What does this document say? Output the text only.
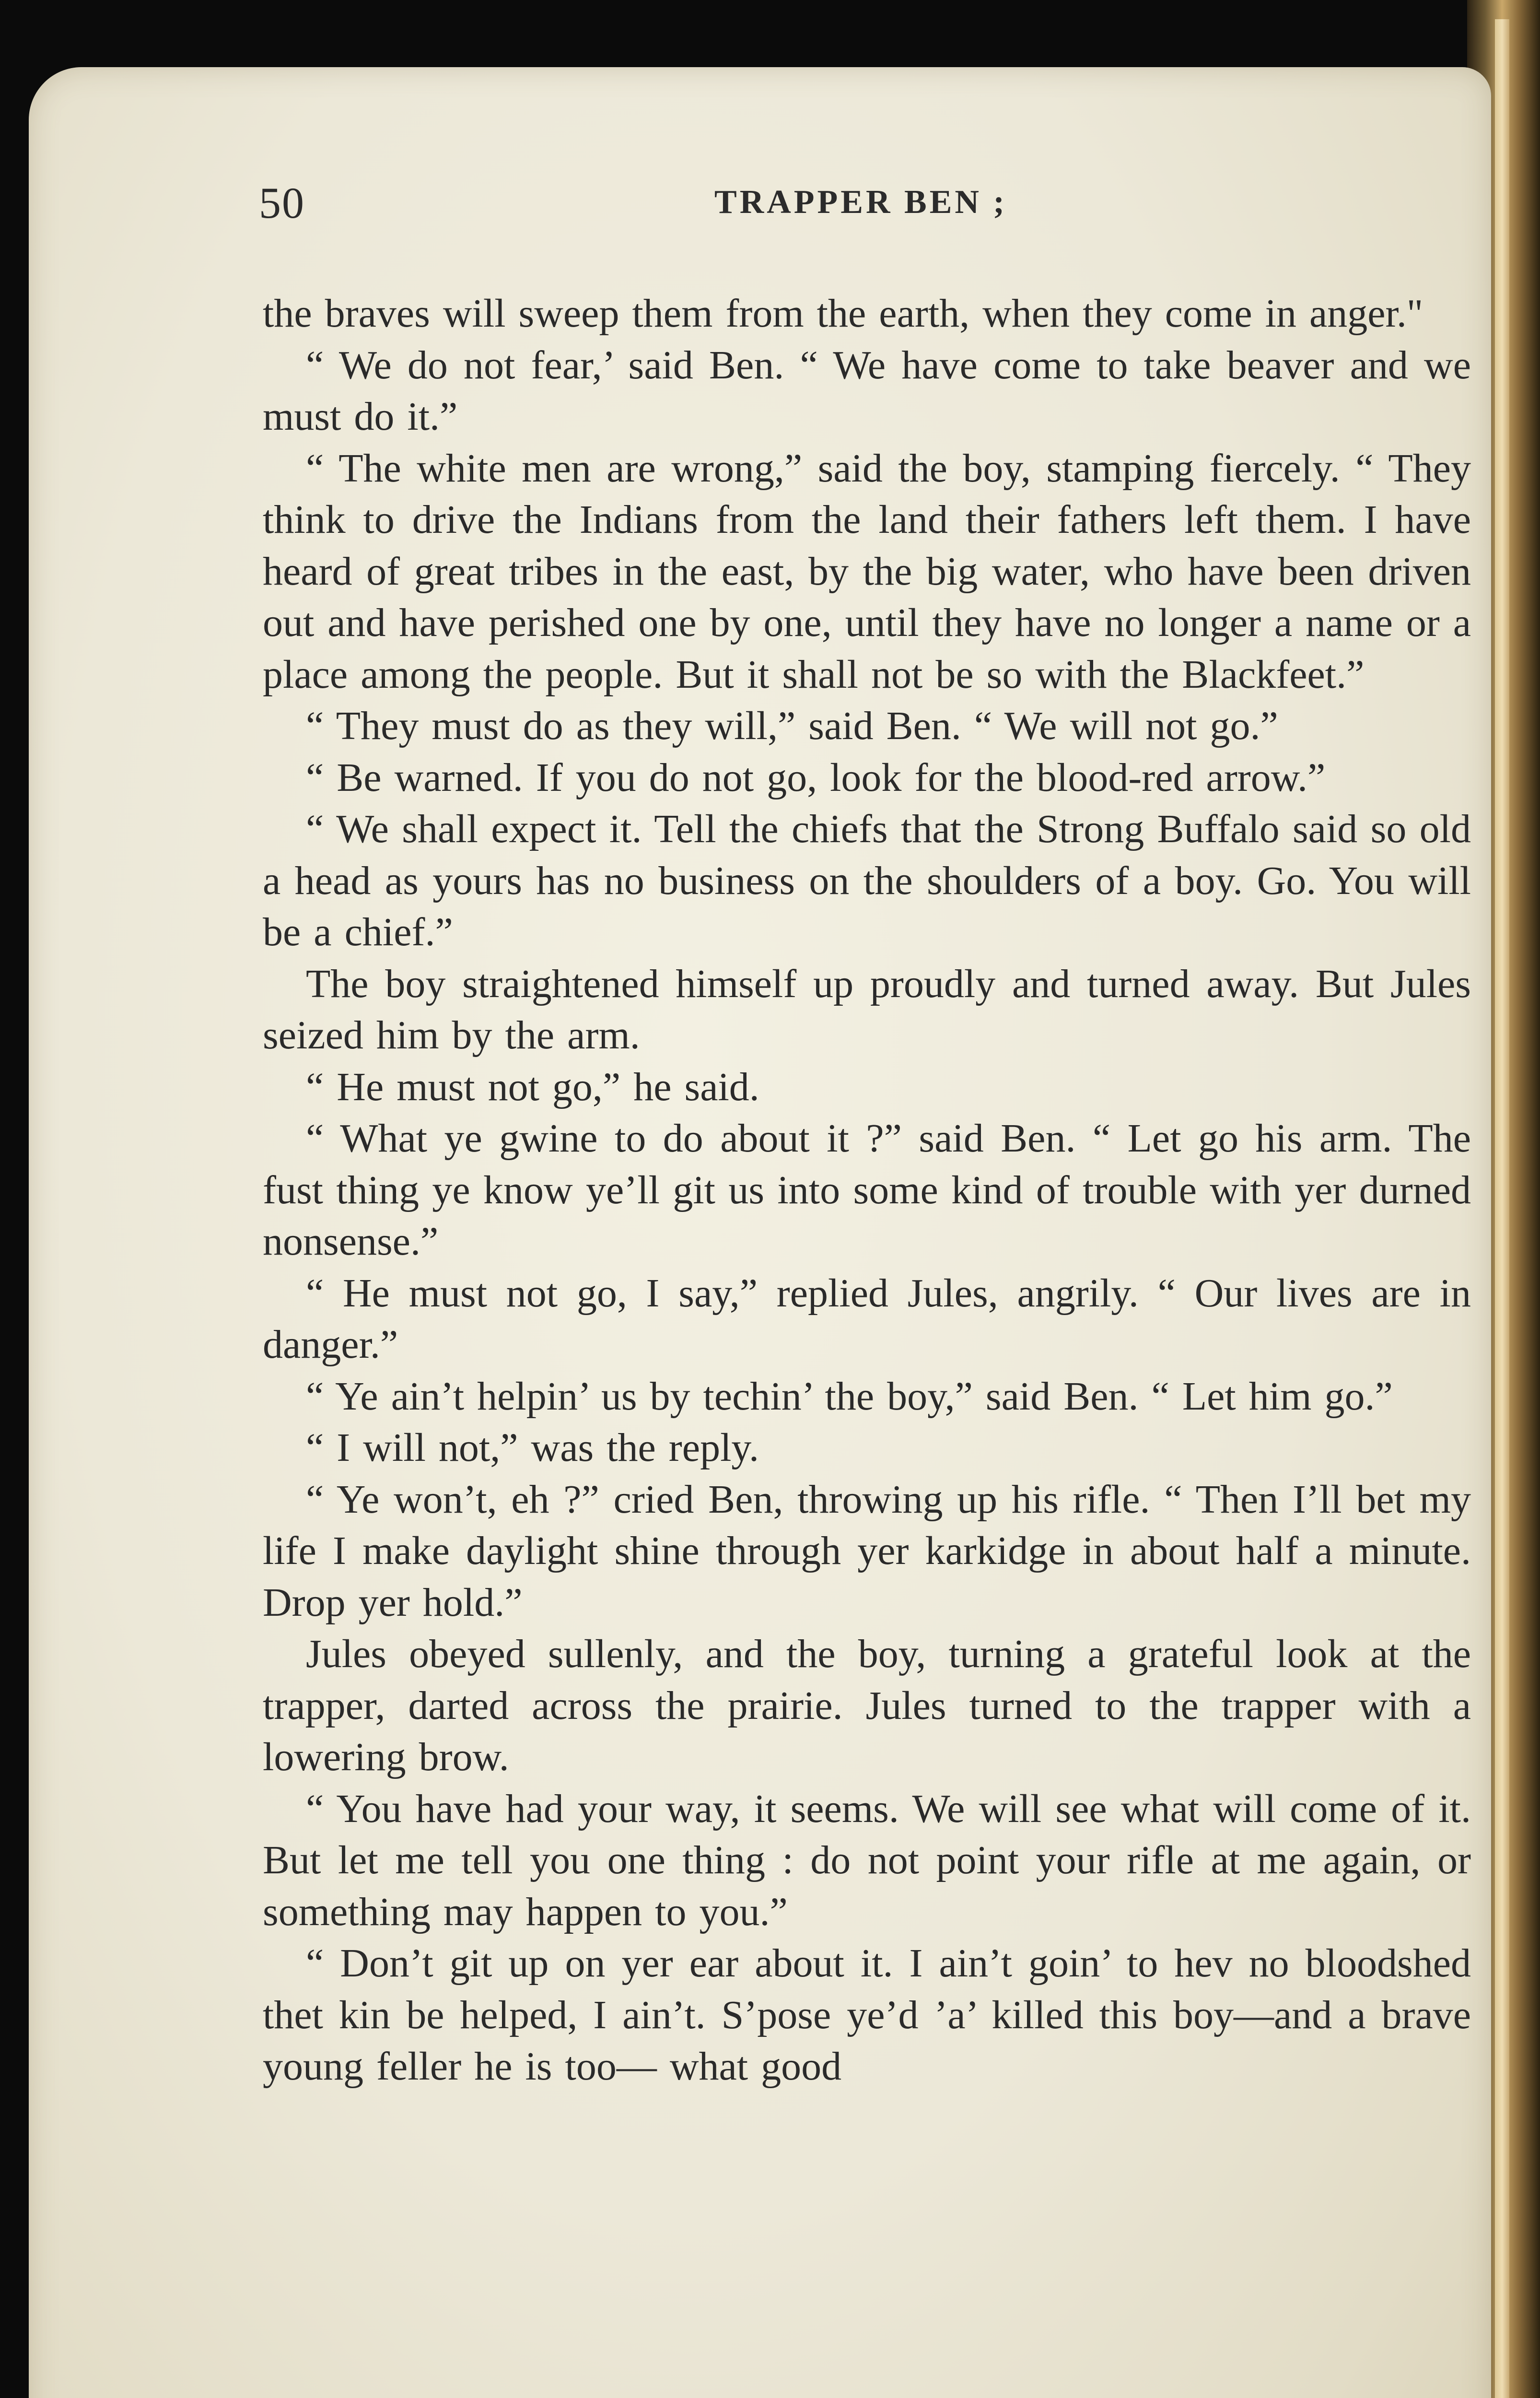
50	TRAPPER BEN ;

the braves will sweep them from the earth, when they come in anger."

“ We do not fear,’ said Ben. “ We have come to take beaver and we must do it.”

“ The white men are wrong,” said the boy, stamping fiercely. “ They think to drive the Indians from the land their fathers left them. I have heard of great tribes in the east, by the big water, who have been driven out and have perished one by one, until they have no longer a name or a place among the people. But it shall not be so with the Blackfeet.”

“ They must do as they will,” said Ben. “ We will not go.”

“ Be warned. If you do not go, look for the blood-red arrow.”

“ We shall expect it. Tell the chiefs that the Strong Buffalo said so old a head as yours has no business on the shoulders of a boy. Go. You will be a chief.”

The boy straightened himself up proudly and turned away. But Jules seized him by the arm.

“ He must not go,” he said.

“ What ye gwine to do about it ?” said Ben. “ Let go his arm. The fust thing ye know ye’ll git us into some kind of trouble with yer durned nonsense.”

“ He must not go, I say,” replied Jules, angrily. “ Our lives are in danger.”

“ Ye ain’t helpin’ us by techin’ the boy,” said Ben. “ Let him go.”

“ I will not,” was the reply.

“ Ye won’t, eh ?” cried Ben, throwing up his rifle. “ Then I’ll bet my life I make daylight shine through yer karkidge in about half a minute. Drop yer hold.”

Jules obeyed sullenly, and the boy, turning a grateful look at the trapper, darted across the prairie. Jules turned to the trapper with a lowering brow.

“ You have had your way, it seems. We will see what will come of it. But let me tell you one thing : do not point your rifle at me again, or something may happen to you.”

“ Don’t git up on yer ear about it. I ain’t goin’ to hev no bloodshed thet kin be helped, I ain’t. S’pose ye’d ’a’ killed this boy—and a brave young feller he is too— what good
